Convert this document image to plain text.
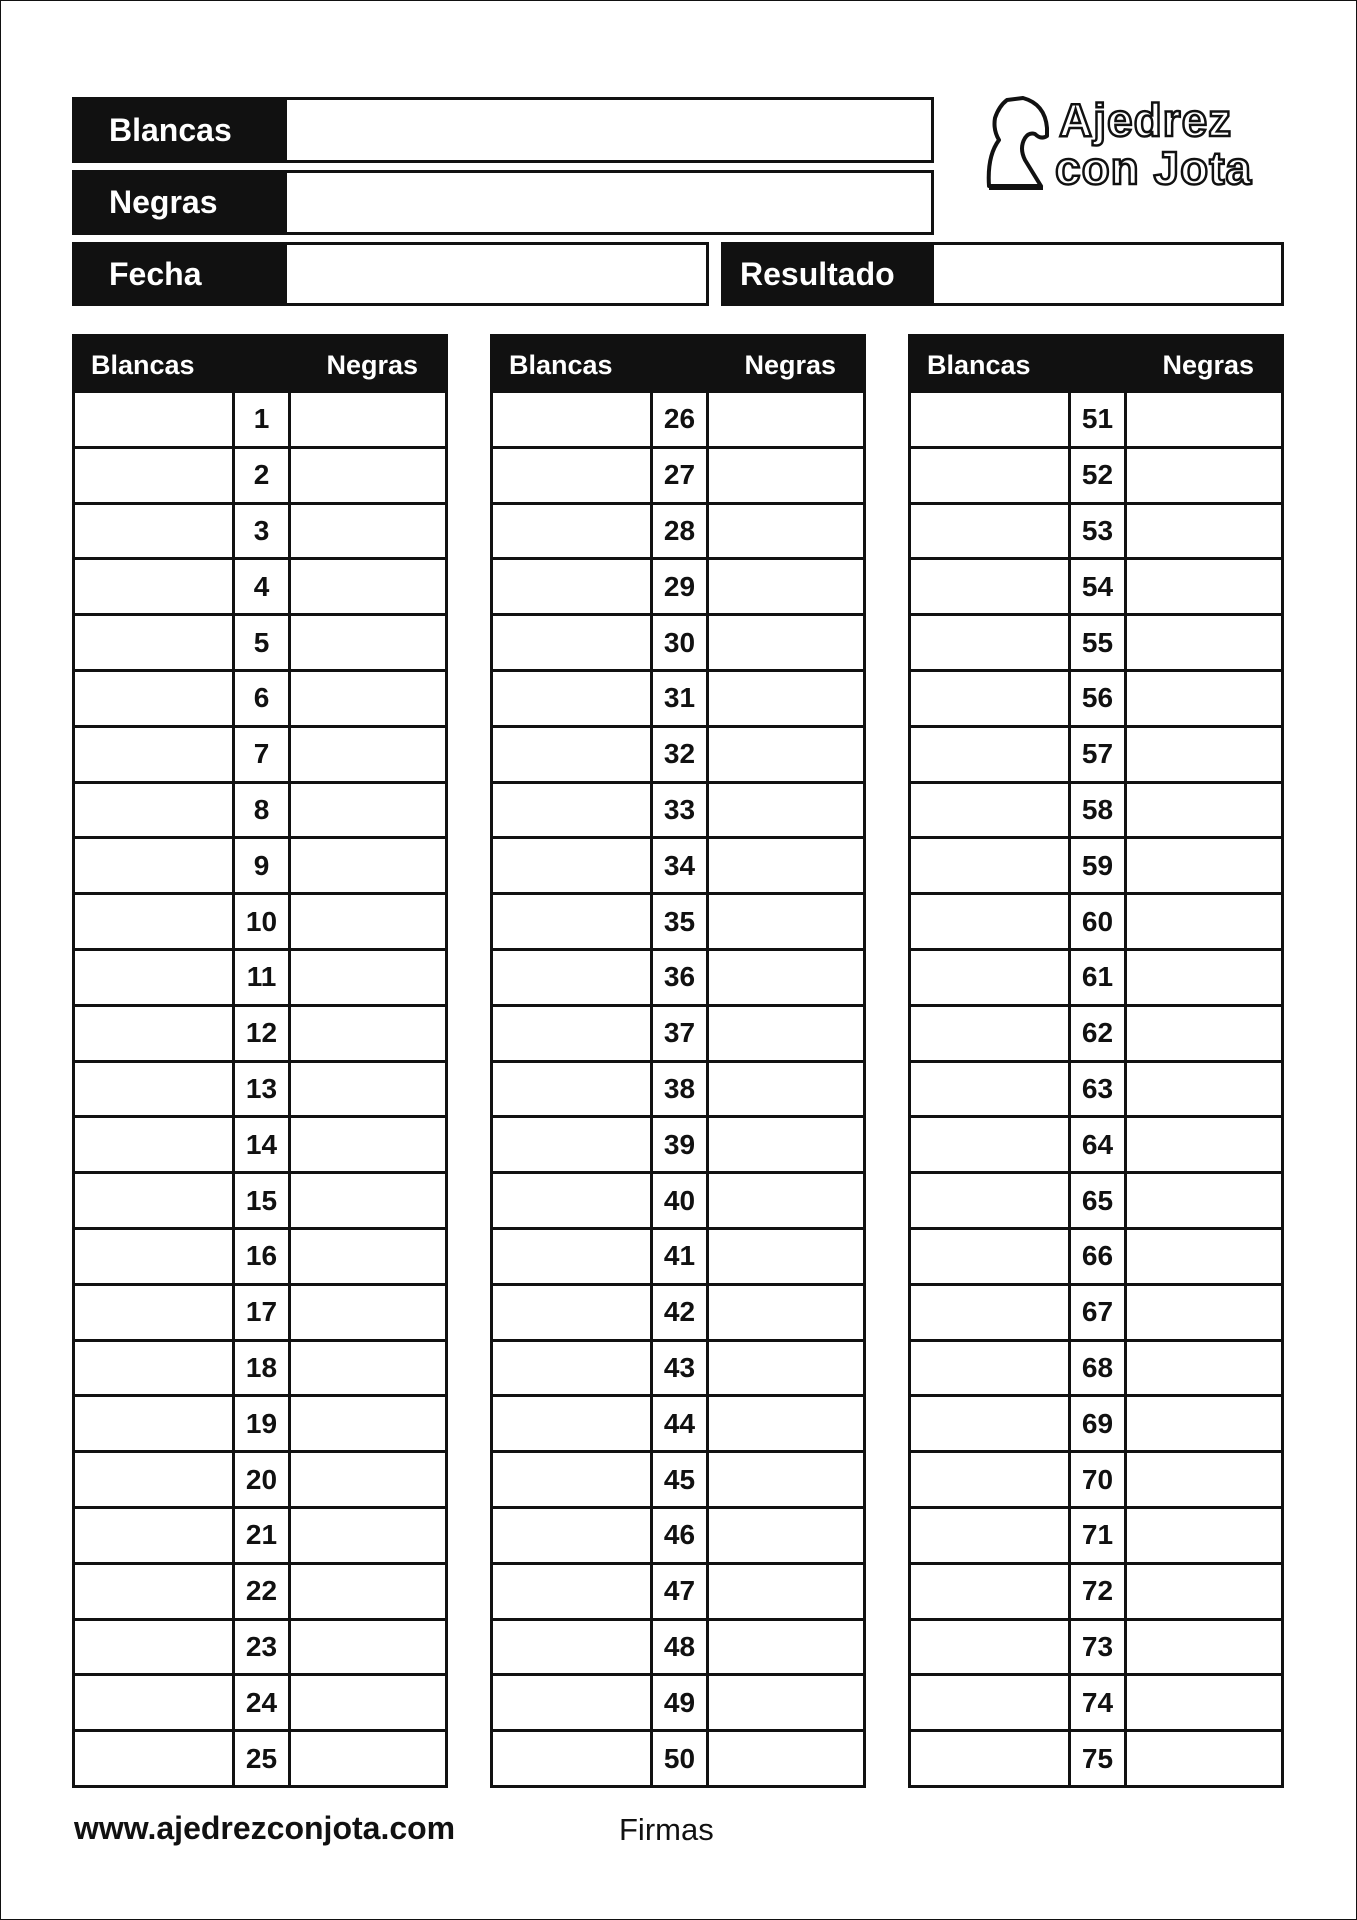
Blancas
Negras
Fecha	Resultado
Ajedrez
con Jota
Blancas	Negras
1
2
3
4
5
6
7
8
9
10
11
12
13
14
15
16
17
18
19
20
21
22
23
24
25
Blancas	Negras
26
27
28
29
30
31
32
33
34
35
36
37
38
39
40
41
42
43
44
45
46
47
48
49
50
Blancas	Negras
51
52
53
54
55
56
57
58
59
60
61
62
63
64
65
66
67
68
69
70
71
72
73
74
75
www.ajedrezconjota.com	Firmas
